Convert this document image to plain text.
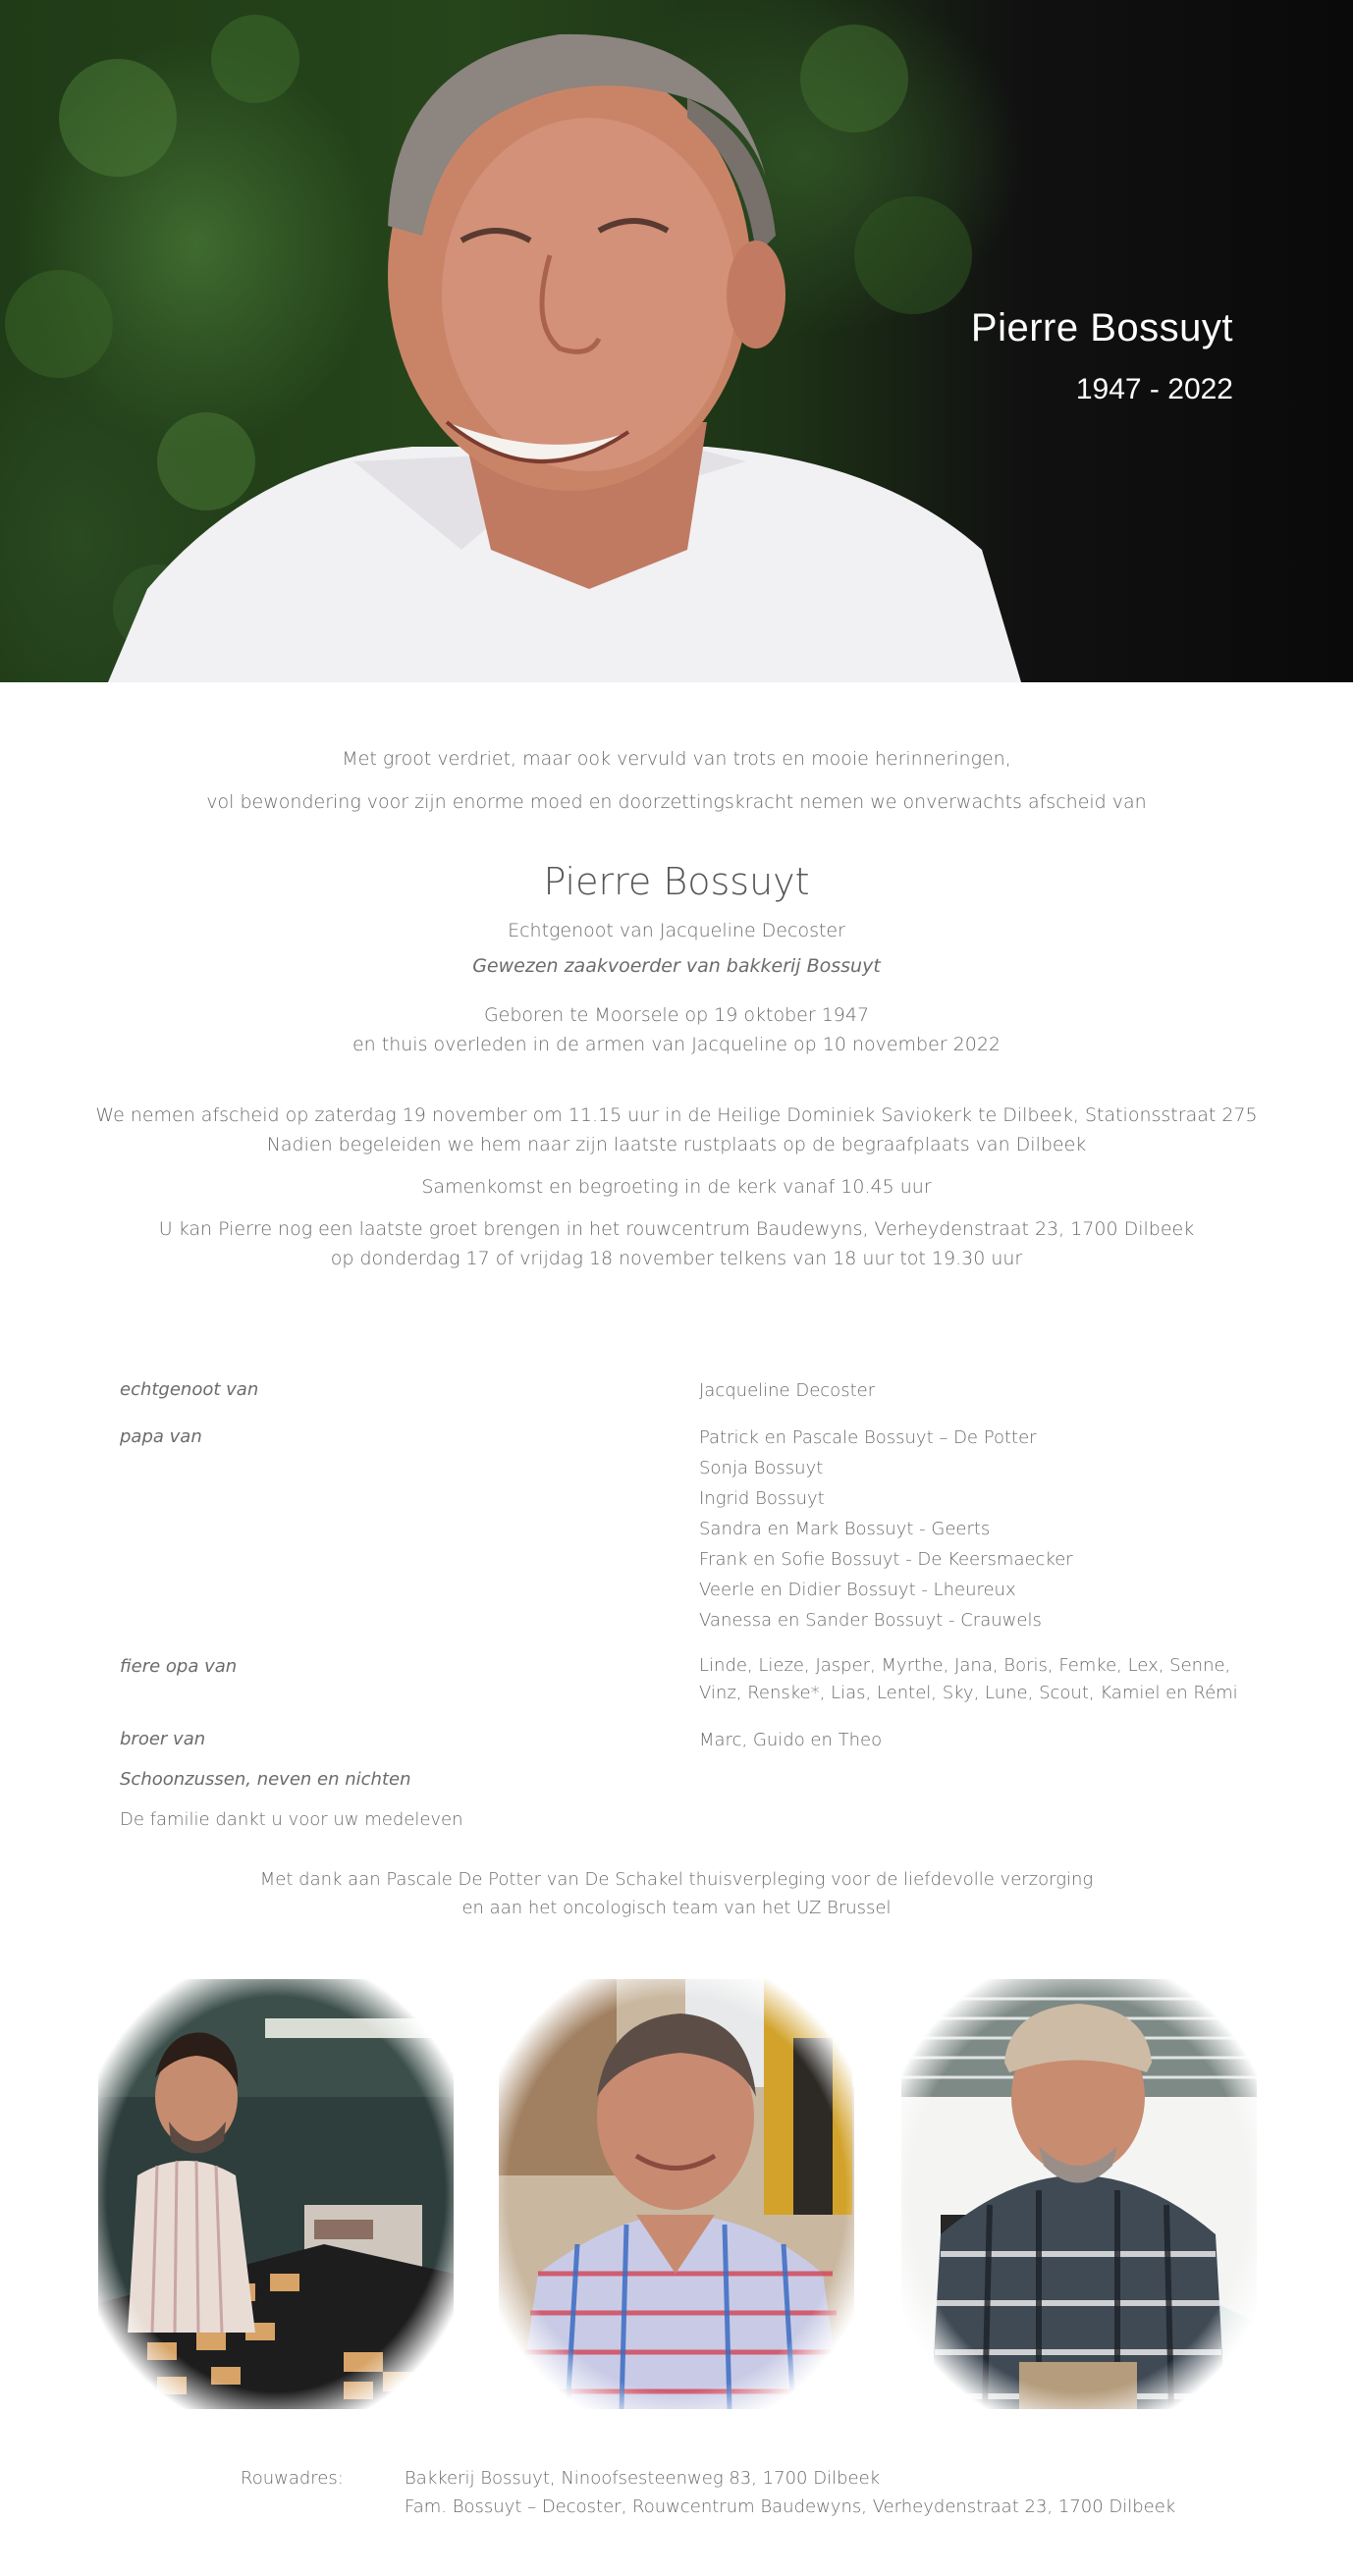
Pierre Bossuyt

1947 - 2022

Met groot verdriet, maar ook vervuld van trots en mooie herinneringen,

vol bewondering voor zijn enorme moed en doorzettingskracht nemen we onverwachts afscheid van

Pierre Bossuyt

Echtgenoot van Jacqueline Decoster

Gewezen zaakvoerder van bakkerij Bossuyt

Geboren te Moorsele op 19 oktober 1947
en thuis overleden in de armen van Jacqueline op 10 november 2022

We nemen afscheid op zaterdag 19 november om 11.15 uur in de Heilige Dominiek Saviokerk te Dilbeek, Stationsstraat 275

Nadien begeleiden we hem naar zijn laatste rustplaats op de begraafplaats van Dilbeek

Samenkomst en begroeting in de kerk vanaf 10.45 uur

U kan Pierre nog een laatste groet brengen in het rouwcentrum Baudewyns, Verheydenstraat 23, 1700 Dilbeek

op donderdag 17 of vrijdag 18 november telkens van 18 uur tot 19.30 uur

echtgenoot van	Jacqueline Decoster

papa van	Patrick en Pascale Bossuyt – De Potter
Sonja Bossuyt
Ingrid Bossuyt
Sandra en Mark Bossuyt - Geerts
Frank en Sofie Bossuyt - De Keersmaecker
Veerle en Didier Bossuyt - Lheureux
Vanessa en Sander Bossuyt - Crauwels

fiere opa van	Linde, Lieze, Jasper, Myrthe, Jana, Boris, Femke, Lex, Senne,
Vinz, Renske*, Lias, Lentel, Sky, Lune, Scout, Kamiel en Rémi

broer van	Marc, Guido en Theo

Schoonzussen, neven en nichten

De familie dankt u voor uw medeleven

Met dank aan Pascale De Potter van De Schakel thuisverpleging voor de liefdevolle verzorging

en aan het oncologisch team van het UZ Brussel

Rouwadres:	Bakkerij Bossuyt, Ninoofsesteenweg 83, 1700 Dilbeek
Fam. Bossuyt – Decoster, Rouwcentrum Baudewyns, Verheydenstraat 23, 1700 Dilbeek
